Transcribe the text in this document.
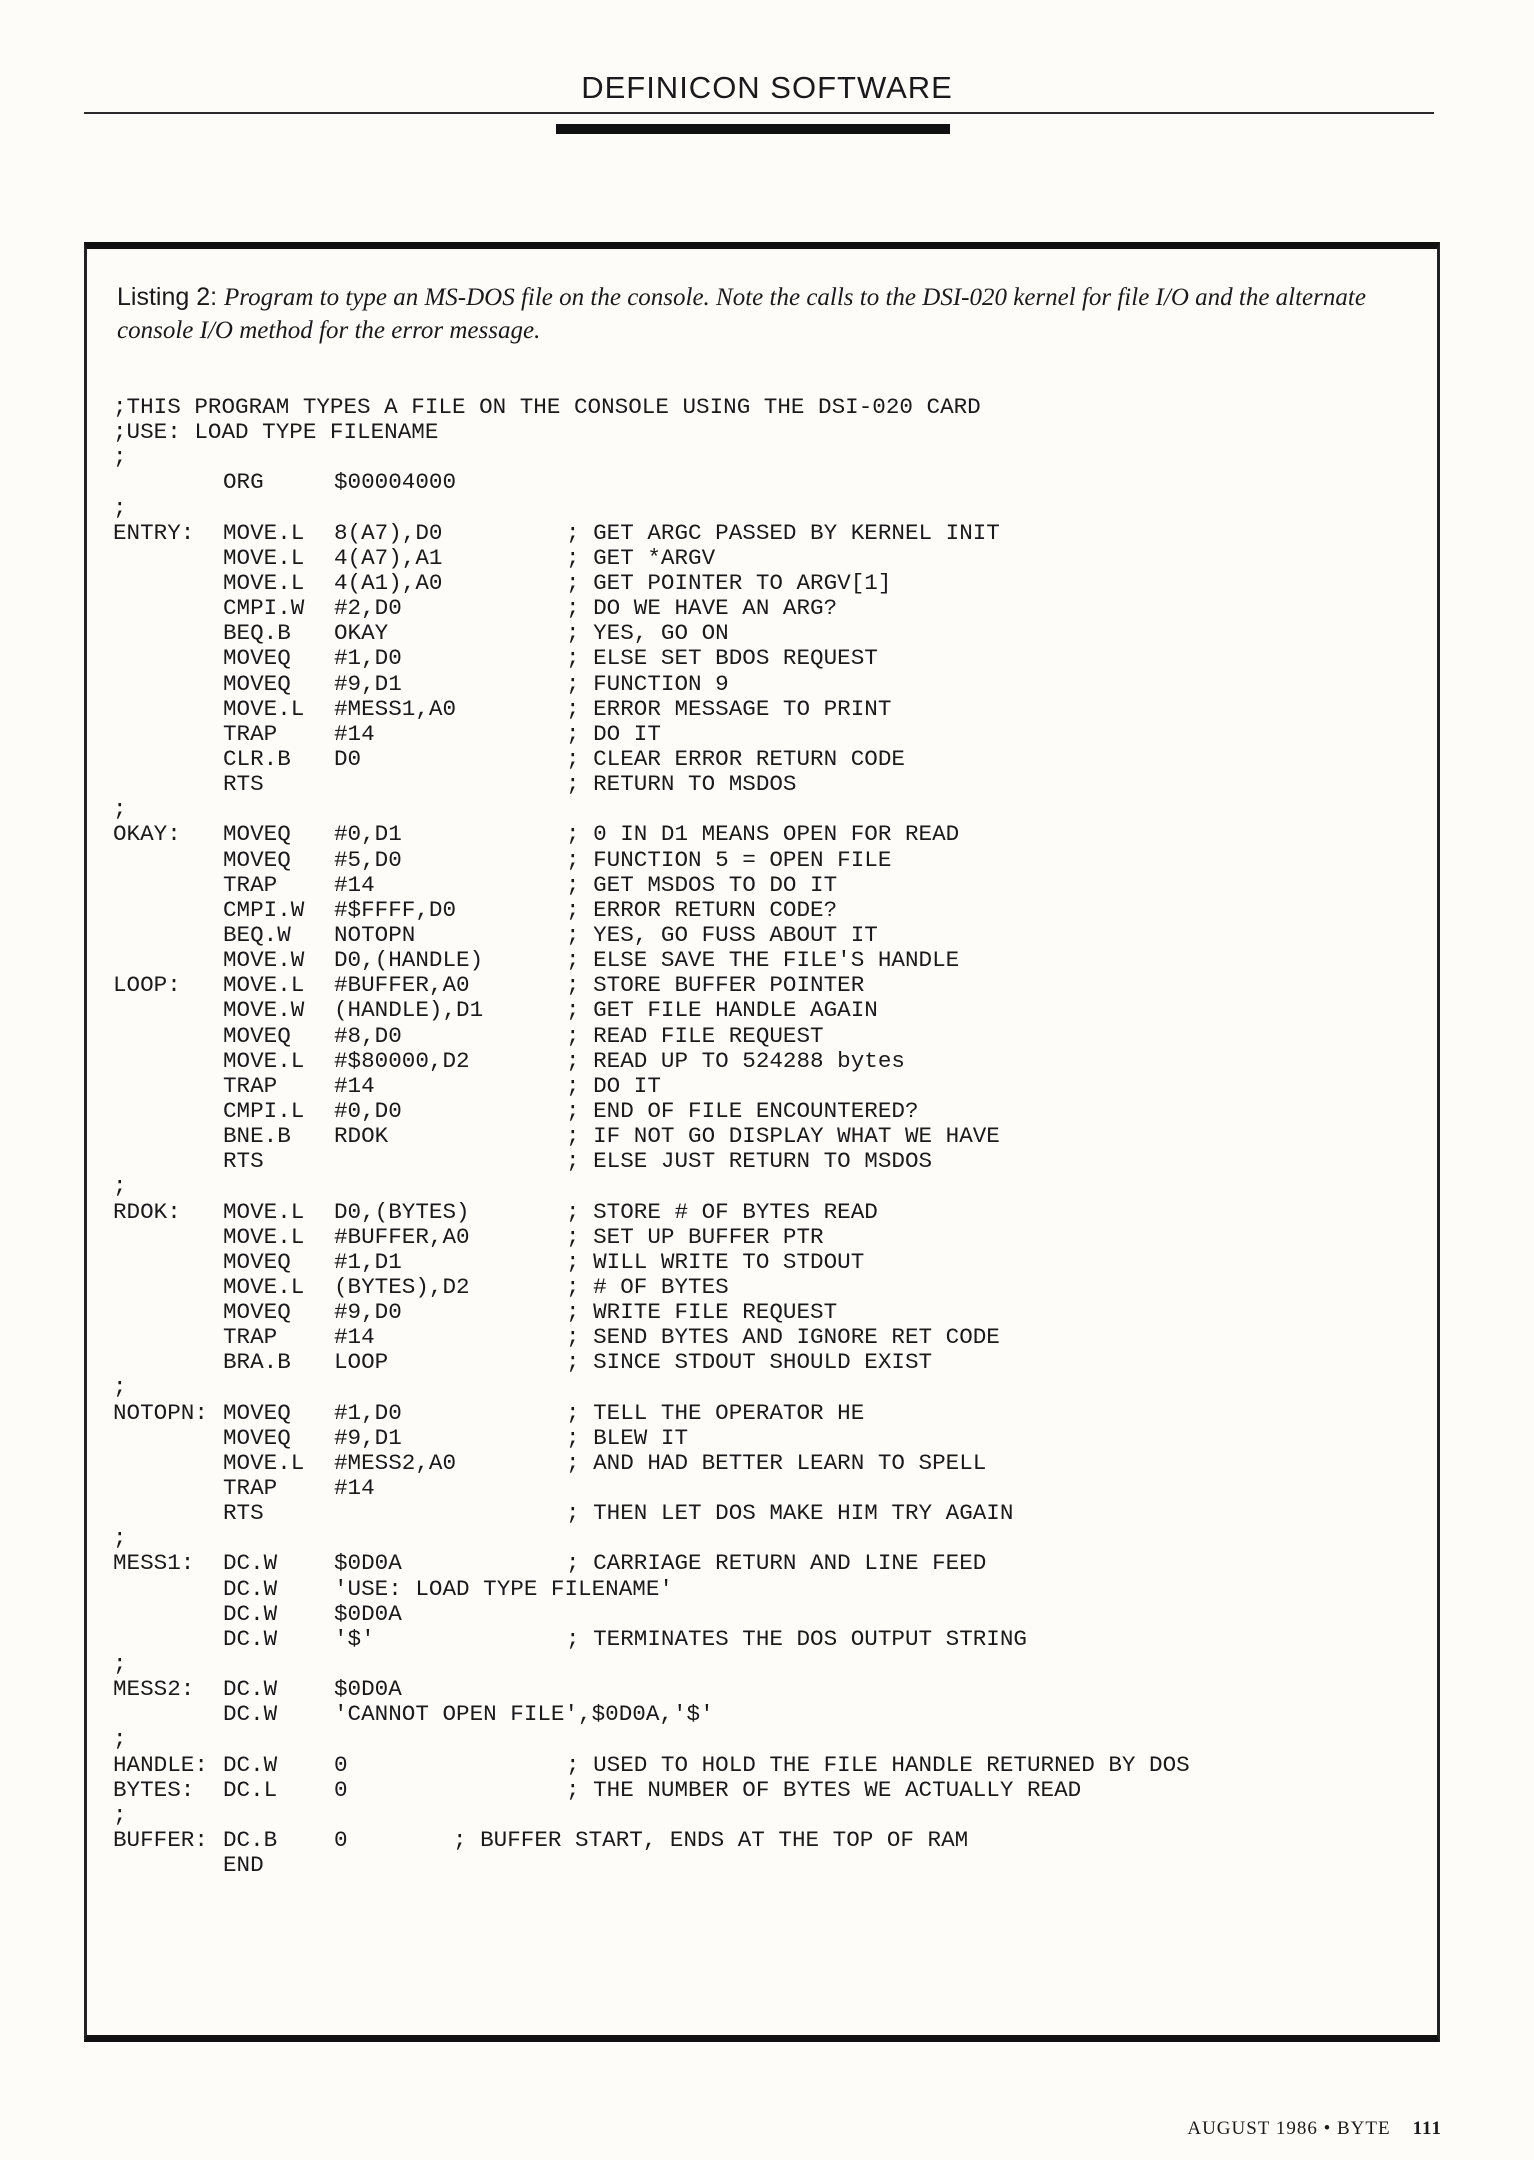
DEFINICON SOFTWARE
Listing 2: Program to type an MS-DOS file on the console. Note the calls to the DSI-020 kernel for file I/O and the alternate console I/O method for the error message.
;THIS PROGRAM TYPES A FILE ON THE CONSOLE USING THE DSI-020 CARD
;USE: LOAD TYPE FILENAME
;
ORG	$00004000
;
ENTRY: MOVE.L 8(A7),D0	; GET ARGC PASSED BY KERNEL INIT
MOVE.L 4(A7),A1	; GET *ARGV
MOVE.L 4(A1),A0	; GET POINTER TO ARGV[1]
CMPI.W #2,D0	; DO WE HAVE AN ARG?
BEQ.B OKAY	; YES, GO ON
MOVEQ #1,D0	; ELSE SET BDOS REQUEST
MOVEQ #9,D1	; FUNCTION 9
MOVE.L #MESS1,A0	; ERROR MESSAGE TO PRINT
TRAP	#14	; DO IT
CLR.B D0	; CLEAR ERROR RETURN CODE
RTS	; RETURN TO MSDOS
;
OKAY: MOVEQ #0,D1	; 0 IN D1 MEANS OPEN FOR READ
MOVEQ #5,D0	; FUNCTION 5 = OPEN FILE
TRAP	#14	; GET MSDOS TO DO IT
CMPI.W #$FFFF,D0	; ERROR RETURN CODE?
BEQ.W NOTOPN	; YES, GO FUSS ABOUT IT
MOVE.W D0,(HANDLE)	; ELSE SAVE THE FILE'S HANDLE
LOOP: MOVE.L #BUFFER,A0	; STORE BUFFER POINTER
MOVE.W (HANDLE),D1	; GET FILE HANDLE AGAIN
MOVEQ #8,D0	; READ FILE REQUEST
MOVE.L #$80000,D2	; READ UP TO 524288 bytes
TRAP	#14	; DO IT
CMPI.L #0,D0	; END OF FILE ENCOUNTERED?
BNE.B RDOK	; IF NOT GO DISPLAY WHAT WE HAVE
RTS	; ELSE JUST RETURN TO MSDOS
;
RDOK: MOVE.L D0,(BYTES)	; STORE # OF BYTES READ
MOVE.L #BUFFER,A0	; SET UP BUFFER PTR
MOVEQ #1,D1	; WILL WRITE TO STDOUT
MOVE.L (BYTES),D2	; # OF BYTES
MOVEQ #9,D0	; WRITE FILE REQUEST
TRAP	#14	; SEND BYTES AND IGNORE RET CODE
BRA.B LOOP	; SINCE STDOUT SHOULD EXIST
;
NOTOPN: MOVEQ #1,D0	; TELL THE OPERATOR HE
MOVEQ #9,D1	; BLEW IT
MOVE.L #MESS2,A0	; AND HAD BETTER LEARN TO SPELL
TRAP	#14
RTS	; THEN LET DOS MAKE HIM TRY AGAIN
;
MESS1: DC.W	$0D0A	; CARRIAGE RETURN AND LINE FEED
DC.W	'USE: LOAD TYPE FILENAME'
DC.W	$0D0A
DC.W	'$'	; TERMINATES THE DOS OUTPUT STRING
;
MESS2: DC.W	$0D0A
DC.W	'CANNOT OPEN FILE',$0D0A,'$'
;
HANDLE: DC.W	0	; USED TO HOLD THE FILE HANDLE RETURNED BY DOS
BYTES: DC.L	0	; THE NUMBER OF BYTES WE ACTUALLY READ
;
BUFFER: DC.B	0	; BUFFER START, ENDS AT THE TOP OF RAM
END
AUGUST 1986 • BYTE 111
